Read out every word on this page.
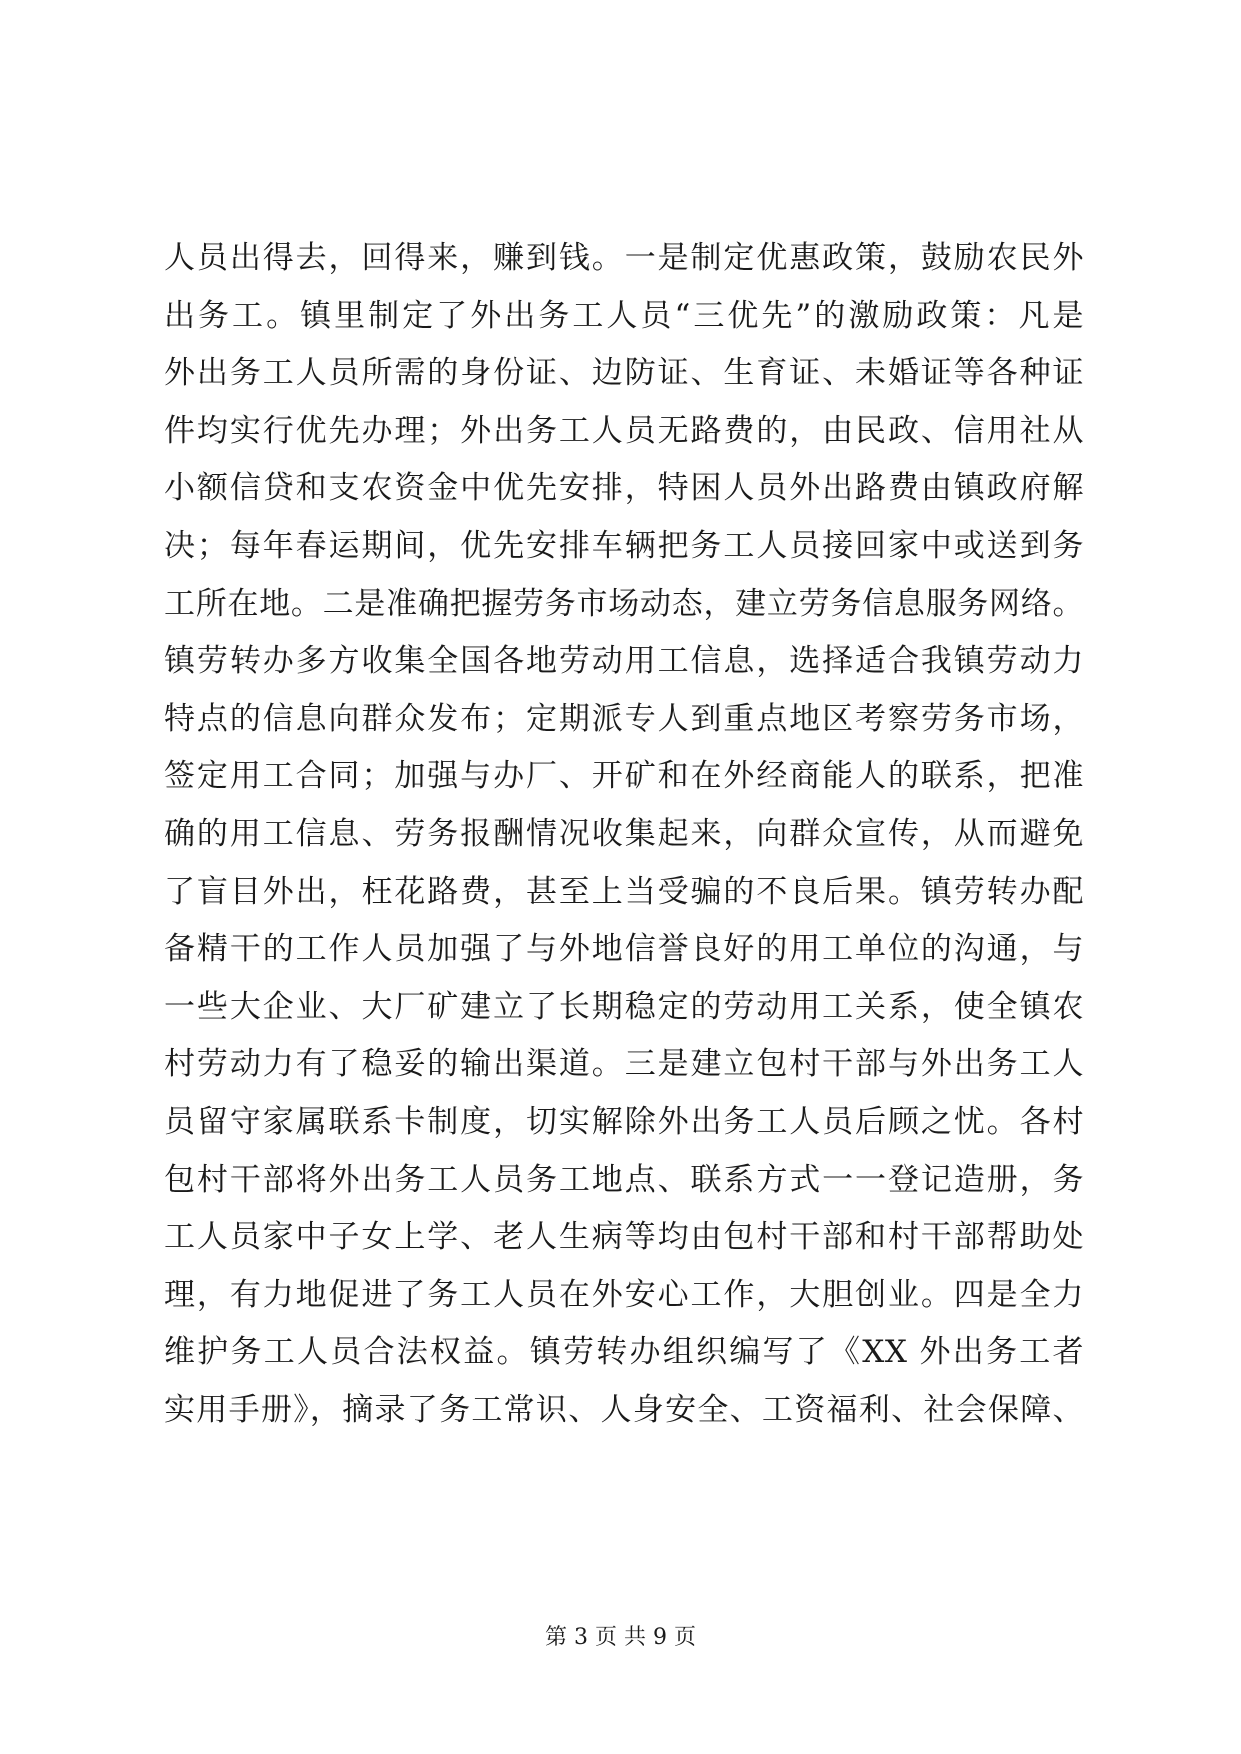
人员出得去，回得来，赚到钱。一是制定优惠政策，鼓励农民外
出务工。镇里制定了外出务工人员“三优先”的激励政策：凡是
外出务工人员所需的身份证、边防证、生育证、未婚证等各种证
件均实行优先办理；外出务工人员无路费的，由民政、信用社从
小额信贷和支农资金中优先安排，特困人员外出路费由镇政府解
决；每年春运期间，优先安排车辆把务工人员接回家中或送到务
工所在地。二是准确把握劳务市场动态，建立劳务信息服务网络。
镇劳转办多方收集全国各地劳动用工信息，选择适合我镇劳动力
特点的信息向群众发布；定期派专人到重点地区考察劳务市场，
签定用工合同；加强与办厂、开矿和在外经商能人的联系，把准
确的用工信息、劳务报酬情况收集起来，向群众宣传，从而避免
了盲目外出，枉花路费，甚至上当受骗的不良后果。镇劳转办配
备精干的工作人员加强了与外地信誉良好的用工单位的沟通，与
一些大企业、大厂矿建立了长期稳定的劳动用工关系，使全镇农
村劳动力有了稳妥的输出渠道。三是建立包村干部与外出务工人
员留守家属联系卡制度，切实解除外出务工人员后顾之忧。各村
包村干部将外出务工人员务工地点、联系方式一一登记造册，务
工人员家中子女上学、老人生病等均由包村干部和村干部帮助处
理，有力地促进了务工人员在外安心工作，大胆创业。四是全力
维护务工人员合法权益。镇劳转办组织编写了《XX 外出务工者
实用手册》，摘录了务工常识、人身安全、工资福利、社会保障、
第 3 页 共 9 页
